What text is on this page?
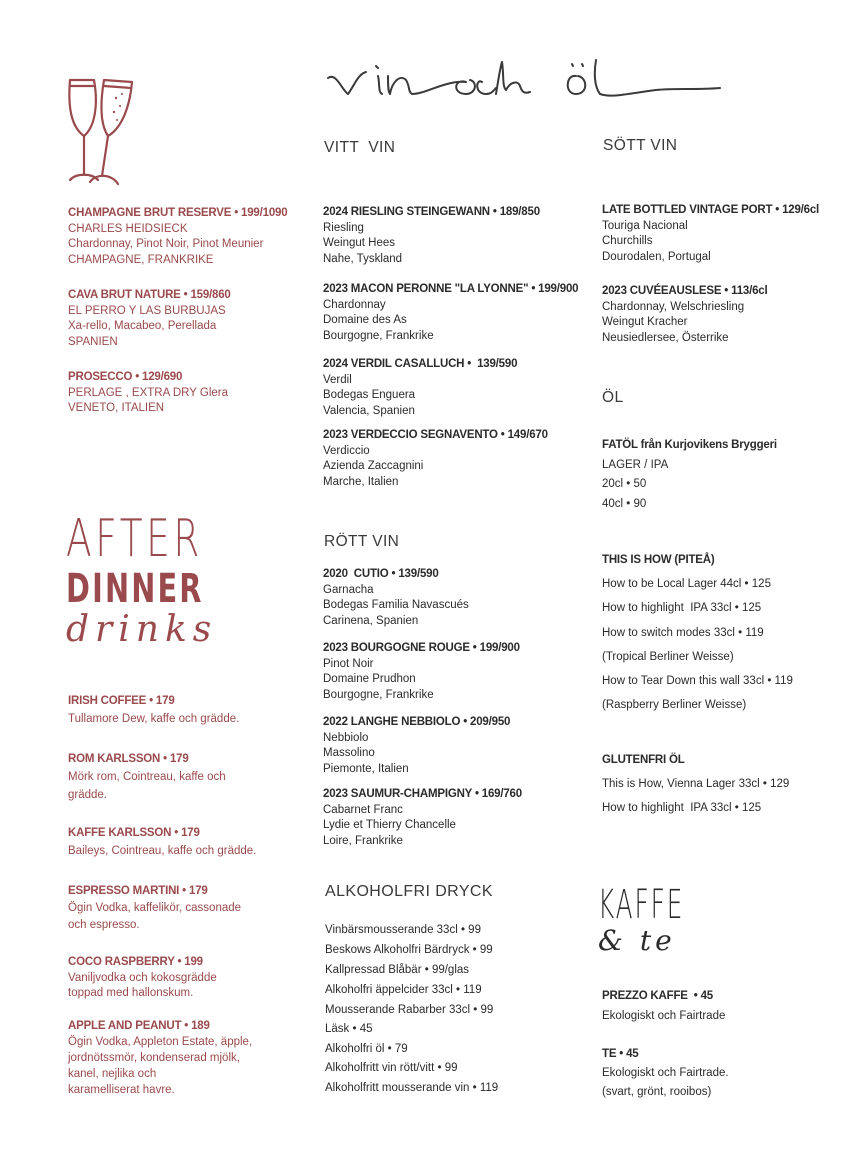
CHAMPAGNE BRUT RESERVE • 199/1090
CHARLES HEIDSIECK
Chardonnay, Pinot Noir, Pinot Meunier
CHAMPAGNE, FRANKRIKE
CAVA BRUT NATURE • 159/860
EL PERRO Y LAS BURBUJAS
Xa-rello, Macabeo, Perellada
SPANIEN
PROSECCO • 129/690
PERLAGE , EXTRA DRY Glera
VENETO, ITALIEN
AFTER
DINNER
drinks
IRISH COFFEE • 179
Tullamore Dew, kaffe och grädde.
ROM KARLSSON • 179
Mörk rom, Cointreau, kaffe och
grädde.
KAFFE KARLSSON • 179
Baileys, Cointreau, kaffe och grädde.
ESPRESSO MARTINI • 179
Ögin Vodka, kaffelikör, cassonade
och espresso.
COCO RASPBERRY • 199
Vaniljvodka och kokosgrädde
toppad med hallonskum.
APPLE AND PEANUT • 189
Ögin Vodka, Appleton Estate, äpple,
jordnötssmör, kondenserad mjölk,
kanel, nejlika och
karamelliserat havre.
VITT  VIN
2024 RIESLING STEINGEWANN • 189/850
Riesling
Weingut Hees
Nahe, Tyskland
2023 MACON PERONNE "LA LYONNE" • 199/900
Chardonnay
Domaine des As
Bourgogne, Frankrike
2024 VERDIL CASALLUCH •  139/590
Verdil
Bodegas Enguera
Valencia, Spanien
2023 VERDECCIO SEGNAVENTO • 149/670
Verdiccio
Azienda Zaccagnini
Marche, Italien
RÖTT VIN
2020  CUTIO • 139/590
Garnacha
Bodegas Familia Navascués
Carinena, Spanien
2023 BOURGOGNE ROUGE • 199/900
Pinot Noir
Domaine Prudhon
Bourgogne, Frankrike
2022 LANGHE NEBBIOLO • 209/950
Nebbiolo
Massolino
Piemonte, Italien
2023 SAUMUR-CHAMPIGNY • 169/760
Cabarnet Franc
Lydie et Thierry Chancelle
Loire, Frankrike
ALKOHOLFRI DRYCK
Vinbärsmousserande 33cl • 99
Beskows Alkoholfri Bärdryck • 99
Kallpressad Blåbär • 99/glas
Alkoholfri äppelcider 33cl • 119
Mousserande Rabarber 33cl • 99
Läsk • 45
Alkoholfri öl • 79
Alkoholfritt vin rött/vitt • 99
Alkoholfritt mousserande vin • 119
SÖTT VIN
LATE BOTTLED VINTAGE PORT • 129/6cl
Touriga Nacional
Churchills
Dourodalen, Portugal
2023 CUVÉEAUSLESE • 113/6cl
Chardonnay, Welschriesling
Weingut Kracher
Neusiedlersee, Österrike
ÖL
FATÖL från Kurjovikens Bryggeri
LAGER / IPA
20cl • 50
40cl • 90
THIS IS HOW (PITEÅ)
How to be Local Lager 44cl • 125
How to highlight  IPA 33cl • 125
How to switch modes 33cl • 119
(Tropical Berliner Weisse)
How to Tear Down this wall 33cl • 119
(Raspberry Berliner Weisse)
GLUTENFRI ÖL
This is How, Vienna Lager 33cl • 129
How to highlight  IPA 33cl • 125
KAFFE
& te
PREZZO KAFFE  • 45
Ekologiskt och Fairtrade
TE • 45
Ekologiskt och Fairtrade.
(svart, grönt, rooibos)
